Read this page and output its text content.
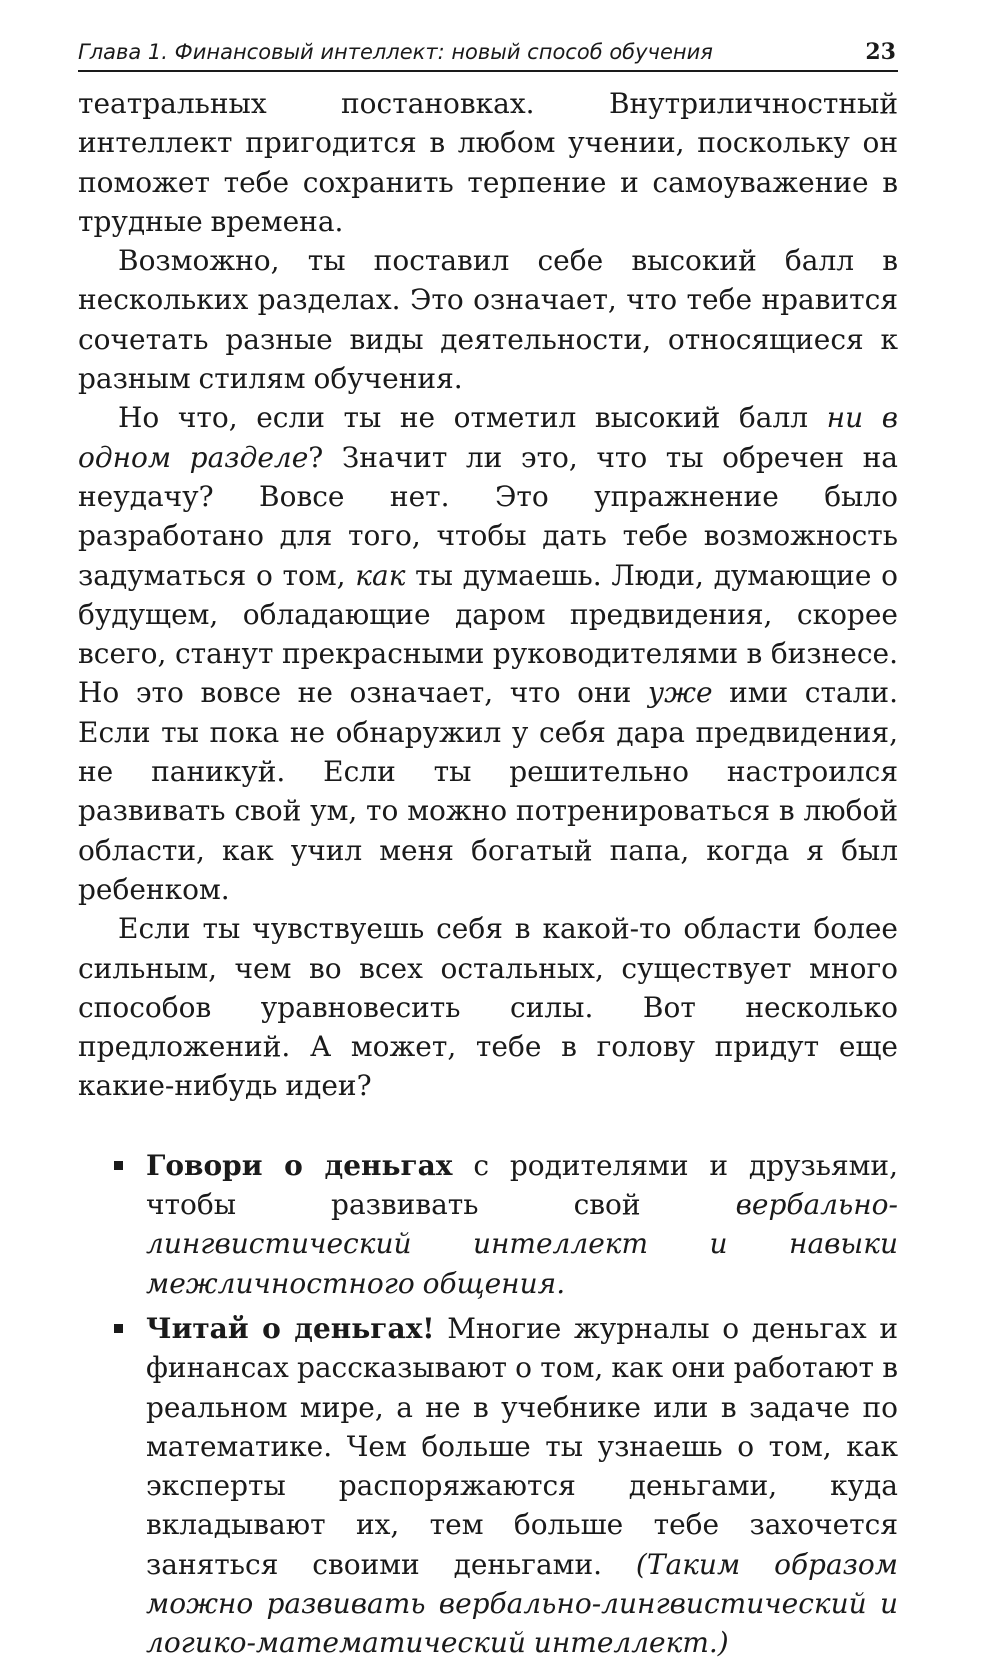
Глава 1. Финансовый интеллект: новый способ обучения	23

театральных постановках. Внутриличностный интеллект пригодится в любом учении, поскольку он поможет тебе сохранить терпение и самоуважение в трудные времена.

Возможно, ты поставил себе высокий балл в нескольких разделах. Это означает, что тебе нравится сочетать разные виды деятельности, относящиеся к разным стилям обучения.

Но что, если ты не отметил высокий балл ни в одном разделе? Значит ли это, что ты обречен на неудачу? Вовсе нет. Это упражнение было разработано для того, чтобы дать тебе возможность задуматься о том, как ты думаешь. Люди, думающие о будущем, обладающие даром предвидения, скорее всего, станут прекрасными руководителями в бизнесе. Но это вовсе не означает, что они уже ими стали. Если ты пока не обнаружил у себя дара предвидения, не паникуй. Если ты решительно настроился развивать свой ум, то можно потренироваться в любой области, как учил меня богатый папа, когда я был ребенком.

Если ты чувствуешь себя в какой-то области более сильным, чем во всех остальных, существует много способов уравновесить силы. Вот несколько предложений. А может, тебе в голову придут еще какие-нибудь идеи?

Говори о деньгах с родителями и друзьями, чтобы развивать свой вербально-лингвистический интеллект и навыки межличностного общения.
Читай о деньгах! Многие журналы о деньгах и финансах рассказывают о том, как они работают в реальном мире, а не в учебнике или в задаче по математике. Чем больше ты узнаешь о том, как эксперты распоряжаются деньгами, куда вкладывают их, тем больше тебе захочется заняться своими деньгами. (Таким образом можно развивать вербально-лингвистический и логико-математический интеллект.)
